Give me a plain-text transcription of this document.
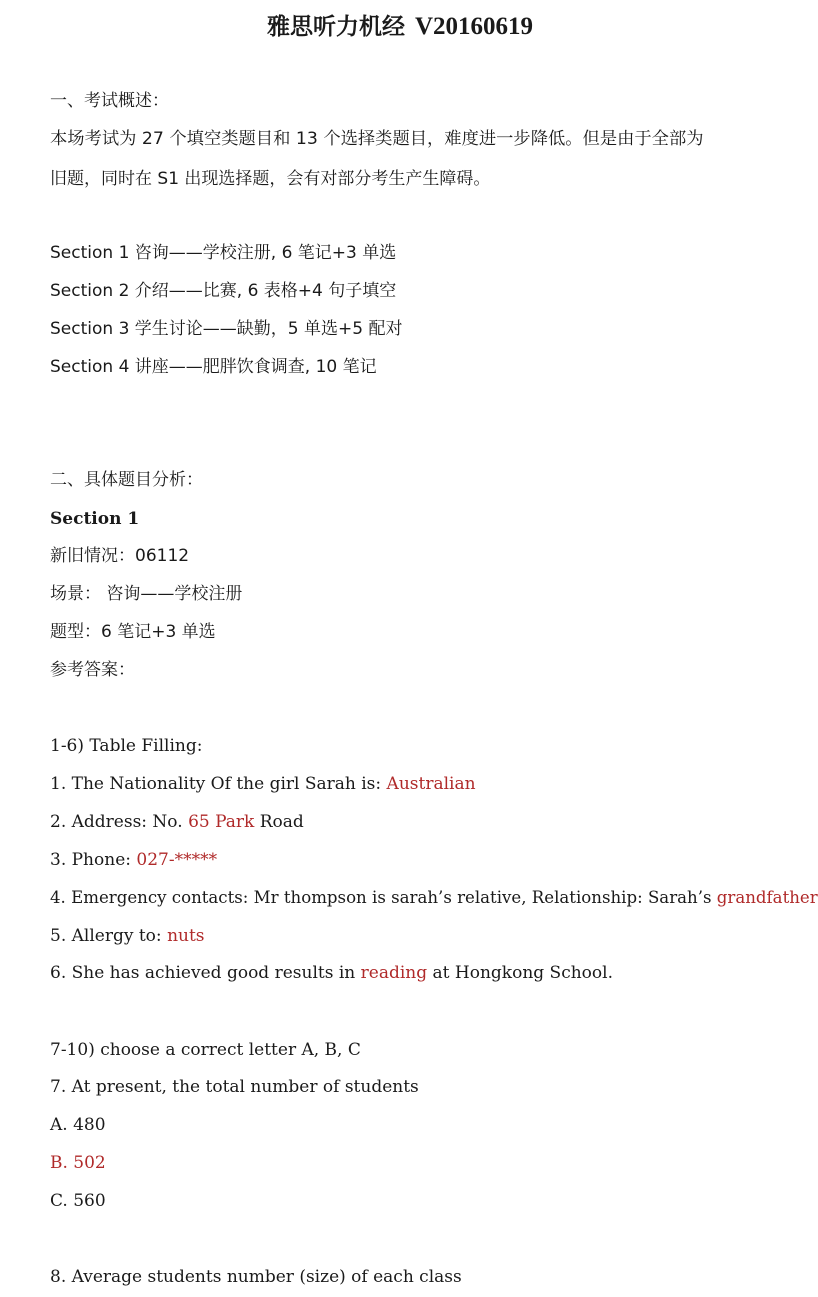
雅思听力机经 V20160619
一、考试概述：
本场考试为 27 个填空类题目和 13 个选择类题目，难度进一步降低。但是由于全部为
旧题，同时在 S1 出现选择题，会有对部分考生产生障碍。
Section 1 咨询——学校注册, 6 笔记+3 单选
Section 2 介绍——比赛, 6 表格+4 句子填空
Section 3 学生讨论——缺勤，5 单选+5 配对
Section 4 讲座——肥胖饮食调查, 10 笔记
二、具体题目分析：
Section 1
新旧情况：06112
场景： 咨询——学校注册
题型：6 笔记+3 单选
参考答案：
1-6) Table Filling:
1. The Nationality Of the girl Sarah is: Australian
2. Address: No. 65 Park Road
3. Phone: 027-*****
4. Emergency contacts: Mr thompson is sarah’s relative, Relationship: Sarah’s grandfather
5. Allergy to: nuts
6. She has achieved good results in reading at Hongkong School.
7-10) choose a correct letter A, B, C
7. At present, the total number of students
A. 480
B. 502
C. 560
8. Average students number (size) of each class
